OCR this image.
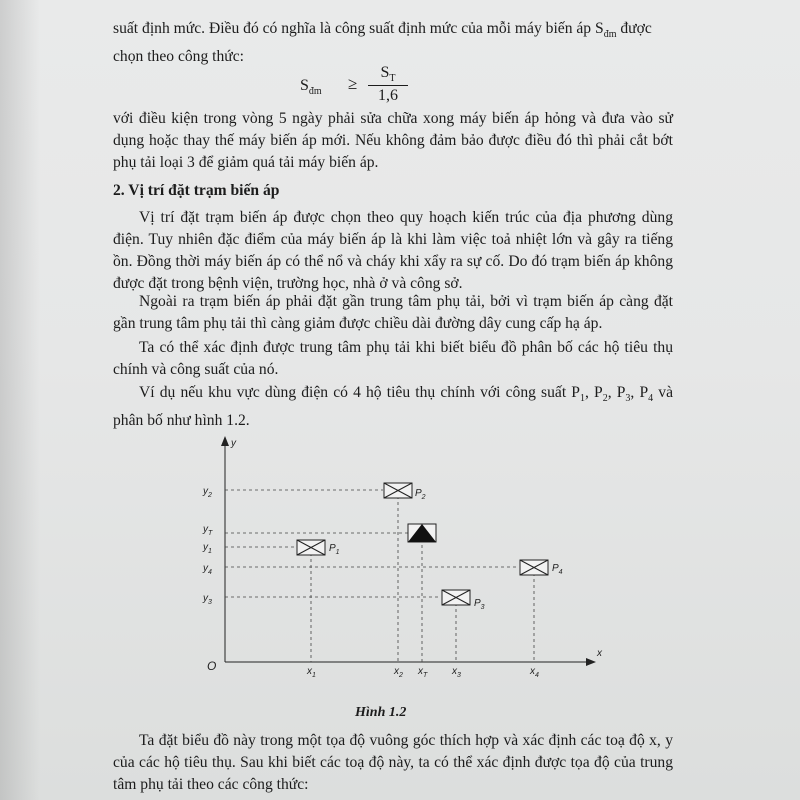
suất định mức. Điều đó có nghĩa là công suất định mức của mỗi máy biến áp $S_{đm}$ được
chọn theo công thức:
$S_{đm} \ge \frac{S_T}{1,6}$
với điều kiện trong vòng 5 ngày phải sửa chữa xong máy biến áp hỏng và đưa vào sử dụng hoặc thay thế máy biến áp mới. Nếu không đảm bảo được điều đó thì phải cắt bớt phụ tải loại 3 để giảm quá tải máy biến áp.
2. Vị trí đặt trạm biến áp
Vị trí đặt trạm biến áp được chọn theo quy hoạch kiến trúc của địa phương dùng điện. Tuy nhiên đặc điểm của máy biến áp là khi làm việc toả nhiệt lớn và gây ra tiếng ồn. Đồng thời máy biến áp có thể nổ và cháy khi xẩy ra sự cố. Do đó trạm biến áp không được đặt trong bệnh viện, trường học, nhà ở và công sở.
Ngoài ra trạm biến áp phải đặt gần trung tâm phụ tải, bởi vì trạm biến áp càng đặt gần trung tâm phụ tải thì càng giảm được chiều dài đường dây cung cấp hạ áp.
Ta có thể xác định được trung tâm phụ tải khi biết biểu đồ phân bố các hộ tiêu thụ chính và công suất của nó.
Ví dụ nếu khu vực dùng điện có 4 hộ tiêu thụ chính với công suất $P_1$, $P_2$, $P_3$, $P_4$ và phân bố như hình 1.2.
y
x
O
$y_2$
$y_T$
$y_1$
$y_4$
$y_3$
$x_1$	$x_2$ $x_T$ $x_3$	$x_4$
$P_2$
$P_1$
$P_4$
$P_3$
Hình 1.2
Ta đặt biểu đồ này trong một tọa độ vuông góc thích hợp và xác định các toạ độ x, y của các hộ tiêu thụ. Sau khi biết các toạ độ này, ta có thể xác định được tọa độ của trung tâm phụ tải theo các công thức:
